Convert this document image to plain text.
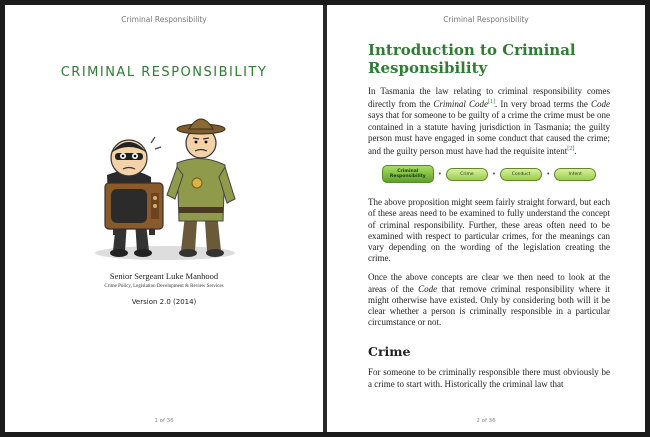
Criminal Responsibility
CRIMINAL RESPONSIBILITY
Senior Sergeant Luke Manhood
Crime Policy, Legislation Development & Review Services
Version 2.0 (2014)
1 of 36
Criminal Responsibility
Introduction to Criminal Responsibility

In Tasmania the law relating to criminal responsibility comes directly from the Criminal Code[1]. In very broad terms the Code says that for someone to be guilty of a crime the crime must be one contained in a statute having jurisdiction in Tasmania; the guilty person must have engaged in some conduct that caused the crime; and the guilty person must have had the requisite intent[2].

Criminal Responsibility	•	Crime	•	Conduct	•	Intent

The above proposition might seem fairly straight forward, but each of these areas need to be examined to fully understand the concept of criminal responsibility. Further, these areas often need to be examined with respect to particular crimes, for the meanings can vary depending on the wording of the legislation creating the crime.

Once the above concepts are clear we then need to look at the areas of the Code that remove criminal responsibility where it might otherwise have existed. Only by considering both will it be clear whether a person is criminally responsible in a particular circumstance or not.

Crime

For someone to be criminally responsible there must obviously be a crime to start with. Historically the criminal law that

2 of 36
